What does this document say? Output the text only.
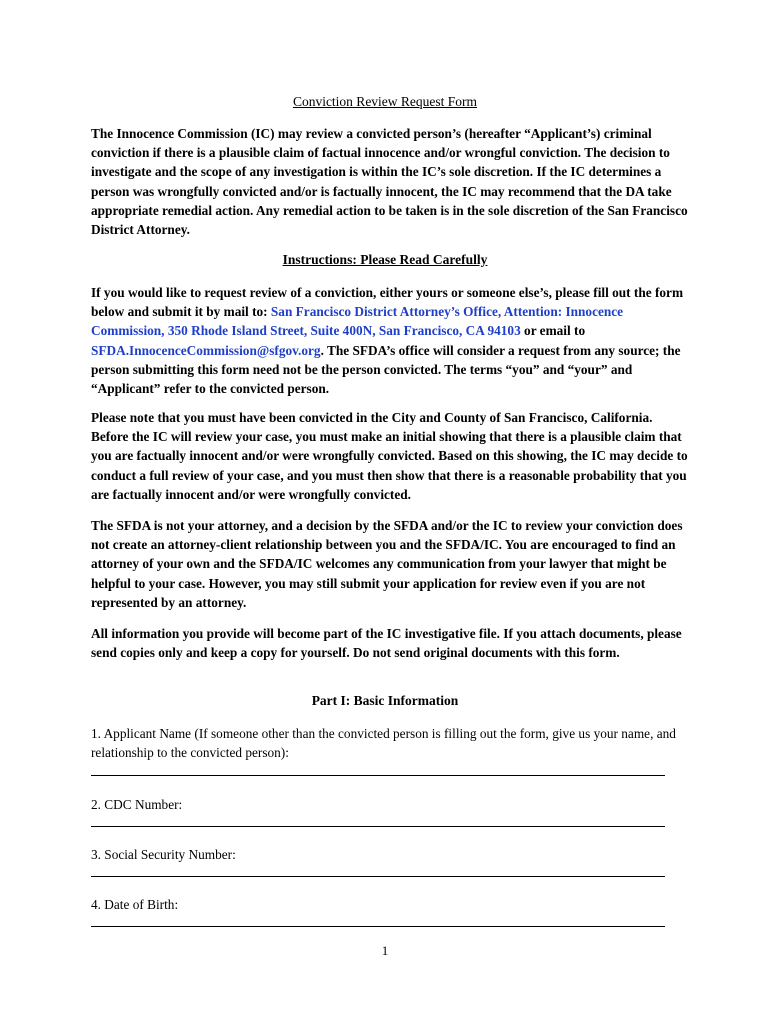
Conviction Review Request Form

The Innocence Commission (IC) may review a convicted person’s (hereafter “Applicant’s) criminal conviction if there is a plausible claim of factual innocence and/or wrongful conviction. The decision to investigate and the scope of any investigation is within the IC’s sole discretion. If the IC determines a person was wrongfully convicted and/or is factually innocent, the IC may recommend that the DA take appropriate remedial action. Any remedial action to be taken is in the sole discretion of the San Francisco District Attorney.

Instructions: Please Read Carefully

If you would like to request review of a conviction, either yours or someone else’s, please fill out the form below and submit it by mail to: San Francisco District Attorney’s Office, Attention: Innocence Commission, 350 Rhode Island Street, Suite 400N, San Francisco, CA 94103 or email to SFDA.InnocenceCommission@sfgov.org. The SFDA’s office will consider a request from any source; the person submitting this form need not be the person convicted. The terms “you” and “your” and “Applicant” refer to the convicted person.

Please note that you must have been convicted in the City and County of San Francisco, California. Before the IC will review your case, you must make an initial showing that there is a plausible claim that you are factually innocent and/or were wrongfully convicted. Based on this showing, the IC may decide to conduct a full review of your case, and you must then show that there is a reasonable probability that you are factually innocent and/or were wrongfully convicted.

The SFDA is not your attorney, and a decision by the SFDA and/or the IC to review your conviction does not create an attorney-client relationship between you and the SFDA/IC. You are encouraged to find an attorney of your own and the SFDA/IC welcomes any communication from your lawyer that might be helpful to your case. However, you may still submit your application for review even if you are not represented by an attorney.

All information you provide will become part of the IC investigative file. If you attach documents, please send copies only and keep a copy for yourself. Do not send original documents with this form.

Part I: Basic Information

1. Applicant Name (If someone other than the convicted person is filling out the form, give us your name, and relationship to the convicted person):

2. CDC Number:

3. Social Security Number:

4. Date of Birth:

1
